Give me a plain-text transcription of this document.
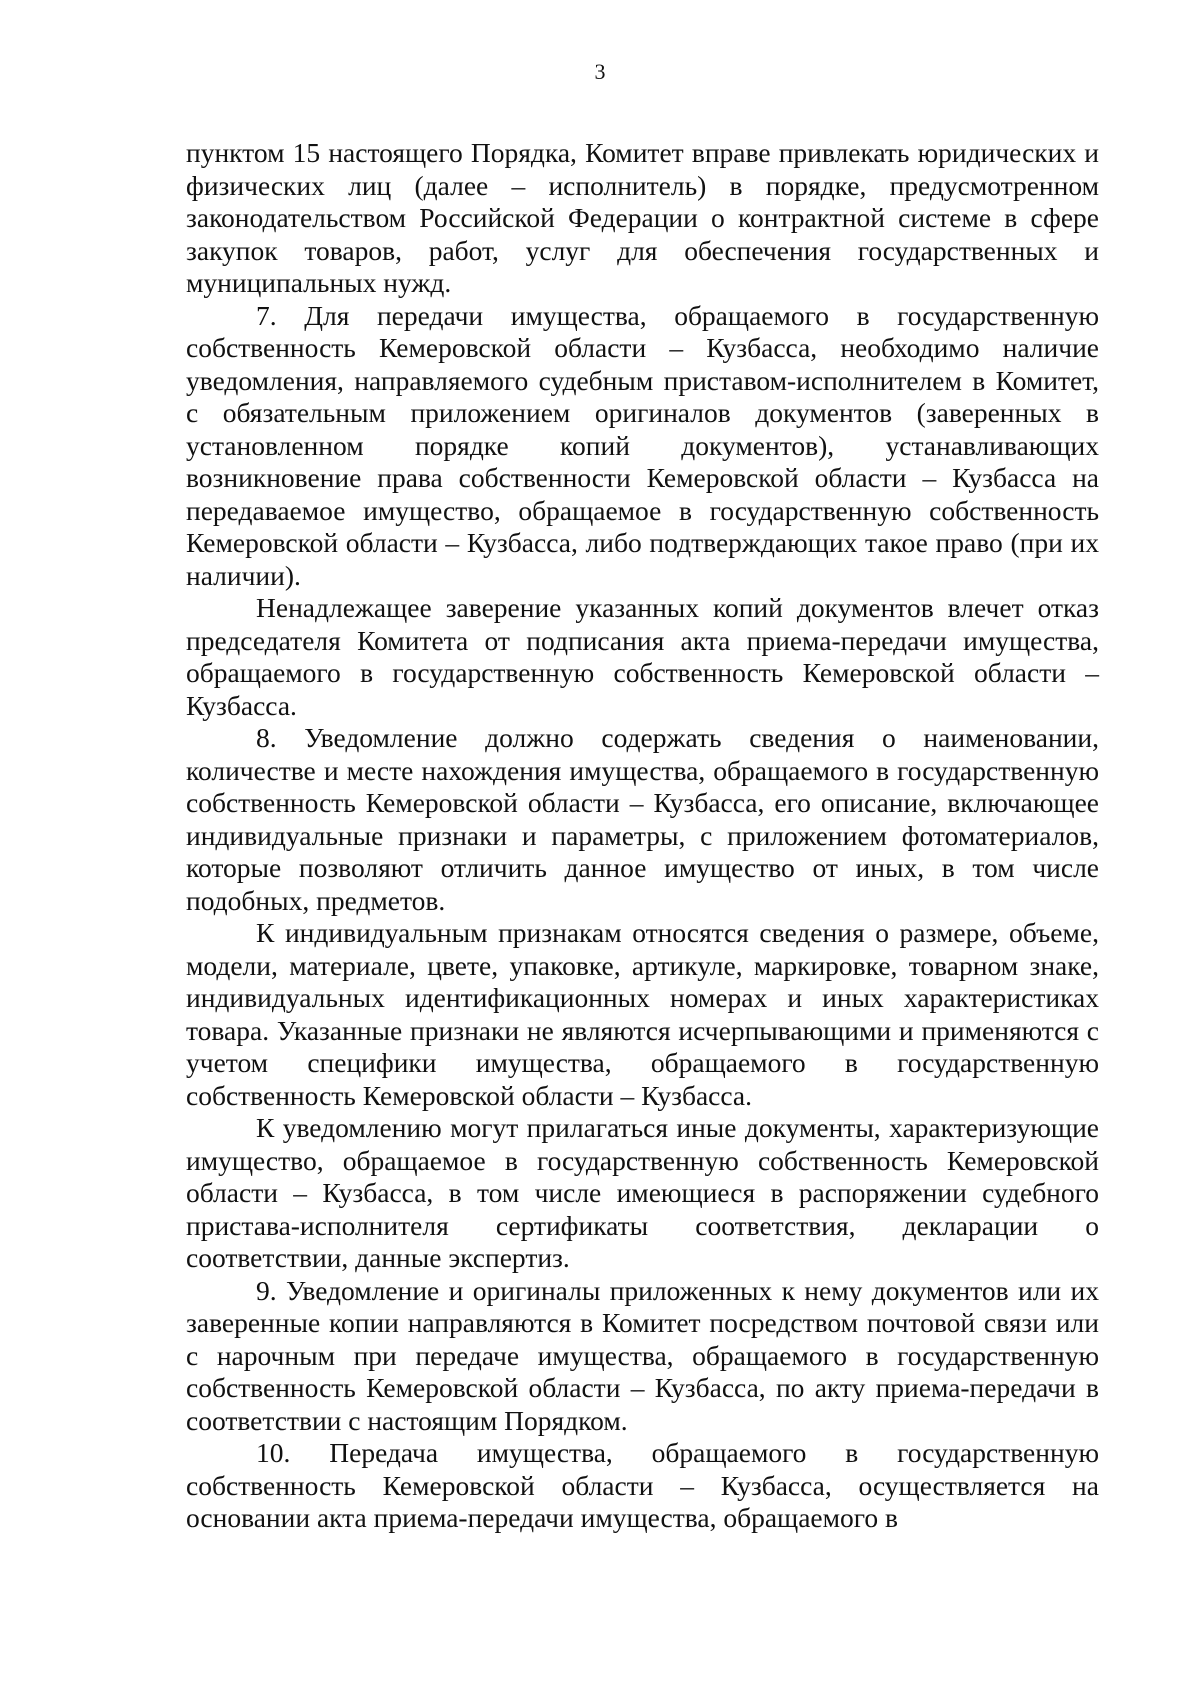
3

пунктом 15 настоящего Порядка, Комитет вправе привлекать юридических и физических лиц (далее – исполнитель) в порядке, предусмотренном законодательством Российской Федерации о контрактной системе в сфере закупок товаров, работ, услуг для обеспечения государственных и муниципальных нужд.

7. Для передачи имущества, обращаемого в государственную собственность Кемеровской области – Кузбасса, необходимо наличие уведомления, направляемого судебным приставом-исполнителем в Комитет, с обязательным приложением оригиналов документов (заверенных в установленном порядке копий документов), устанавливающих возникновение права собственности Кемеровской области – Кузбасса на передаваемое имущество, обращаемое в государственную собственность Кемеровской области – Кузбасса, либо подтверждающих такое право (при их наличии).

Ненадлежащее заверение указанных копий документов влечет отказ председателя Комитета от подписания акта приема-передачи имущества, обращаемого в государственную собственность Кемеровской области – Кузбасса.

8. Уведомление должно содержать сведения о наименовании, количестве и месте нахождения имущества, обращаемого в государственную собственность Кемеровской области – Кузбасса, его описание, включающее индивидуальные признаки и параметры, с приложением фотоматериалов, которые позволяют отличить данное имущество от иных, в том числе подобных, предметов.

К индивидуальным признакам относятся сведения о размере, объеме, модели, материале, цвете, упаковке, артикуле, маркировке, товарном знаке, индивидуальных идентификационных номерах и иных характеристиках товара. Указанные признаки не являются исчерпывающими и применяются с учетом специфики имущества, обращаемого в государственную собственность Кемеровской области – Кузбасса.

К уведомлению могут прилагаться иные документы, характеризующие имущество, обращаемое в государственную собственность Кемеровской области – Кузбасса, в том числе имеющиеся в распоряжении судебного пристава-исполнителя сертификаты соответствия, декларации о соответствии, данные экспертиз.

9. Уведомление и оригиналы приложенных к нему документов или их заверенные копии направляются в Комитет посредством почтовой связи или с нарочным при передаче имущества, обращаемого в государственную собственность Кемеровской области – Кузбасса, по акту приема-передачи в соответствии с настоящим Порядком.

10. Передача имущества, обращаемого в государственную собственность Кемеровской области – Кузбасса, осуществляется на основании акта приема-передачи имущества, обращаемого в
